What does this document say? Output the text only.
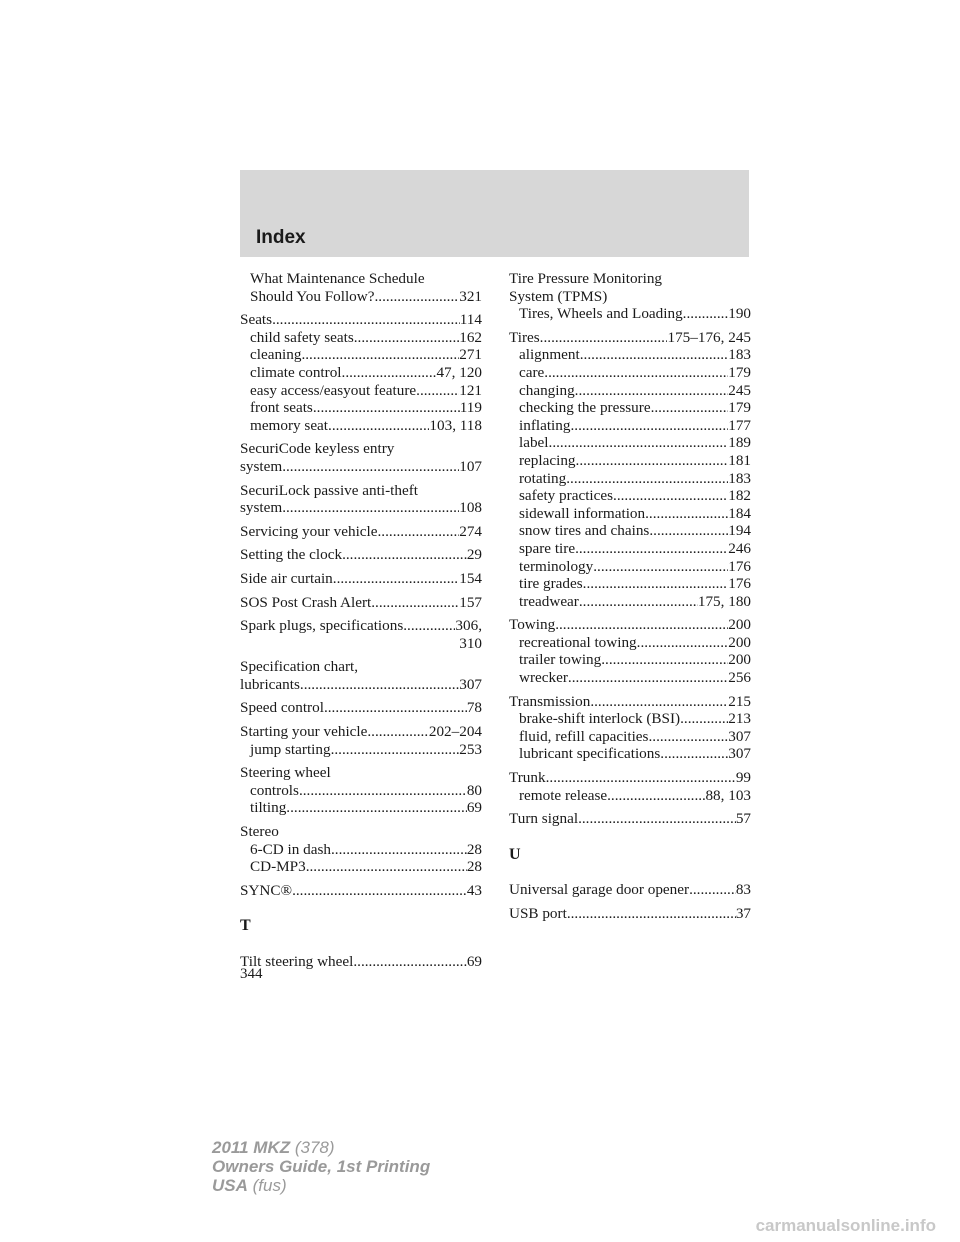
Index
What Maintenance Schedule
Should You Follow? .....	321
Seats .....	114
child safety seats .....	162
cleaning .....	271
climate control .....	47, 120
easy access/easyout feature .....	121
front seats .....	119
memory seat .....	103, 118
SecuriCode keyless entry
system .....	107
SecuriLock passive anti-theft
system .....	108
Servicing your vehicle .....	274
Setting the clock .....	29
Side air curtain .....	154
SOS Post Crash Alert .....	157
Spark plugs, specifications .....	306,
310
Specification chart,
lubricants .....	307
Speed control .....	78
Starting your vehicle .....	202–204
jump starting .....	253
Steering wheel
controls .....	80
tilting .....	69
Stereo
6-CD in dash .....	28
CD-MP3 .....	28
SYNC® .....	43
T
Tilt steering wheel .....	69
Tire Pressure Monitoring
System (TPMS)
Tires, Wheels and Loading .....	190
Tires .....	175–176, 245
alignment .....	183
care .....	179
changing .....	245
checking the pressure .....	179
inflating .....	177
label .....	189
replacing .....	181
rotating .....	183
safety practices .....	182
sidewall information .....	184
snow tires and chains .....	194
spare tire .....	246
terminology .....	176
tire grades .....	176
treadwear .....	175, 180
Towing .....	200
recreational towing .....	200
trailer towing .....	200
wrecker .....	256
Transmission .....	215
brake-shift interlock (BSI) .....	213
fluid, refill capacities .....	307
lubricant specifications .....	307
Trunk .....	99
remote release .....	88, 103
Turn signal .....	57
U
Universal garage door opener .....	83
USB port .....	37
344
2011 MKZ (378)
Owners Guide, 1st Printing
USA (fus)
carmanualsonline.info
